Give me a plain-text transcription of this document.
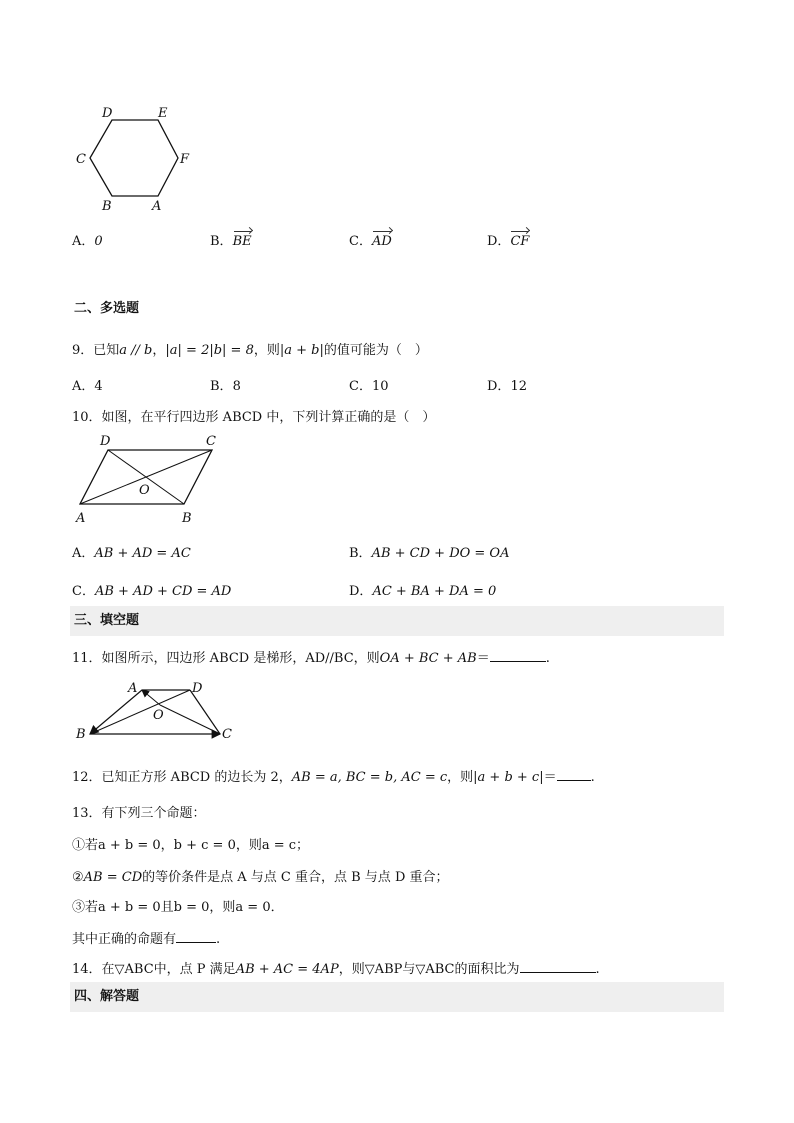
D	E
F
A
B
C
A．0	B．BE	C．AD	D．CF
二、多选题
9．已知a // b，|a| = 2|b| = 8，则|a + b|的值可能为（　）
A．4	B．8	C．10	D．12
10．如图，在平行四边形 ABCD 中，下列计算正确的是（　）
D	C
O
A	B
A．AB + AD = AC	B．AB + CD + DO = OA
C．AB + AD + CD = AD	D．AC + BA + DA = 0
三、填空题
11．如图所示，四边形 ABCD 是梯形，AD//BC，则OA + BC + AB＝	.
A	D
O
B	C
12．已知正方形 ABCD 的边长为 2，AB = a, BC = b, AC = c，则|a + b + c|＝	.
13．有下列三个命题：
①若a + b = 0，b + c = 0，则a = c；
②AB = CD的等价条件是点 A 与点 C 重合，点 B 与点 D 重合；
③若a + b = 0且b = 0，则a = 0．
其中正确的命题有	.
14．在▽ABC中，点 P 满足AB + AC = 4AP，则▽ABP与▽ABC的面积比为	.
四、解答题
